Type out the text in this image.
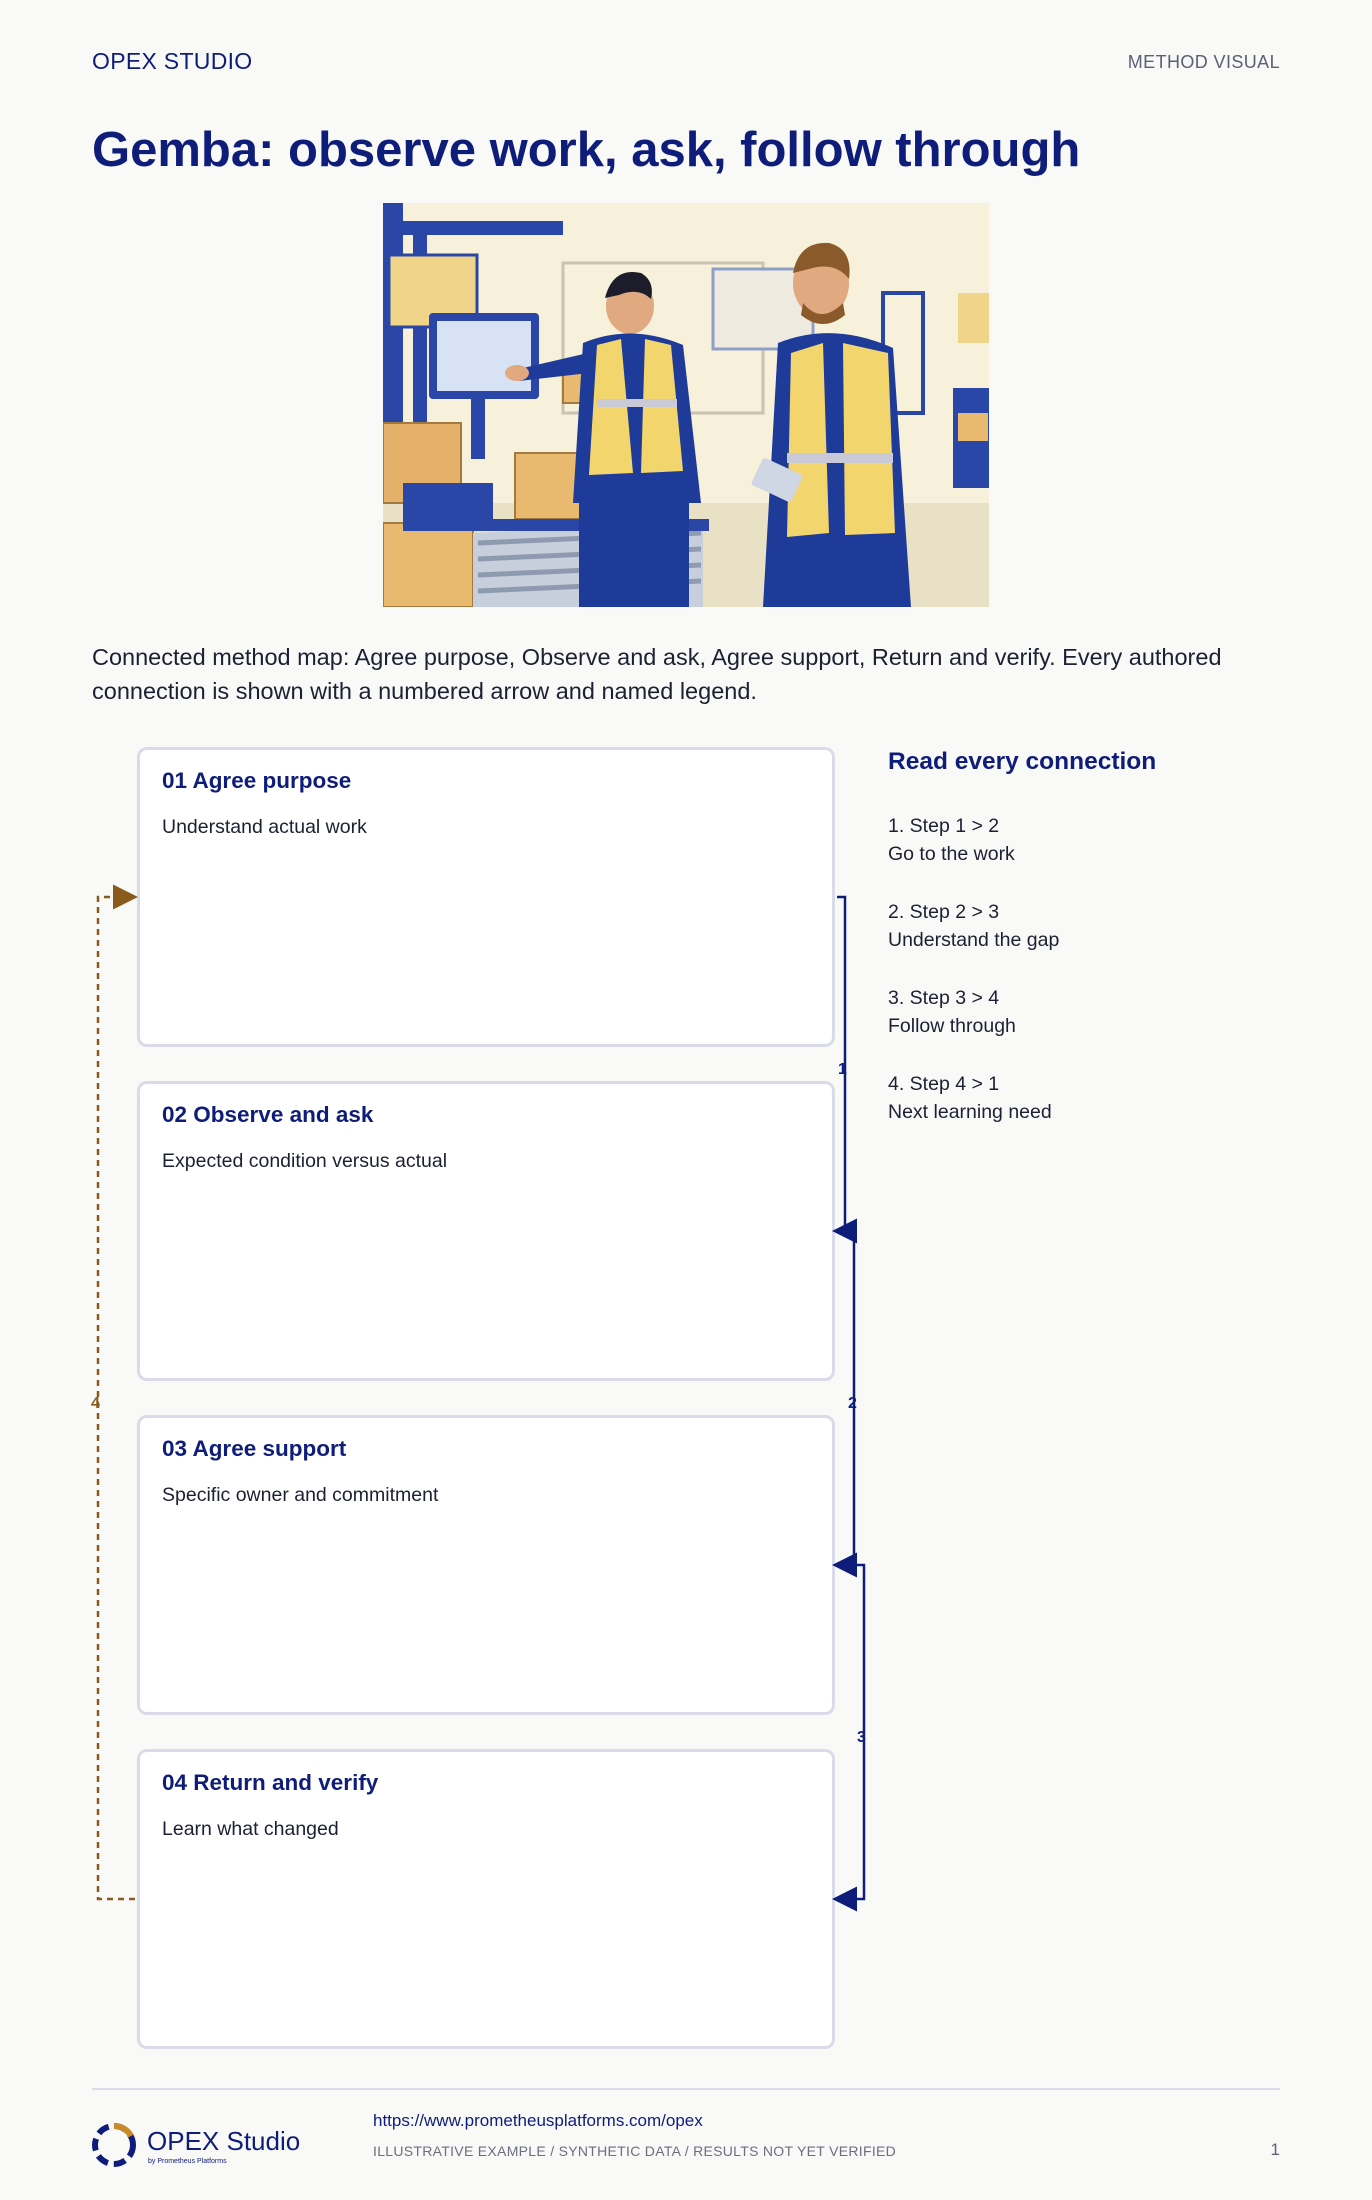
OPEX STUDIO	METHOD VISUAL
Gemba: observe work, ask, follow through

Connected method map: Agree purpose, Observe and ask, Agree support, Return and verify. Every authored connection is shown with a numbered arrow and named legend.

01 Agree purpose
Understand actual work
02 Observe and ask
Expected condition versus actual
03 Agree support
Specific owner and commitment
04 Return and verify
Learn what changed
1
2
3
4
Read every connection
1. Step 1 > 2
Go to the work
2. Step 2 > 3
Understand the gap
3. Step 3 > 4
Follow through
4. Step 4 > 1
Next learning need
OPEX Studio
by Prometheus Platforms
https://www.prometheusplatforms.com/opex
ILLUSTRATIVE EXAMPLE / SYNTHETIC DATA / RESULTS NOT YET VERIFIED	1
